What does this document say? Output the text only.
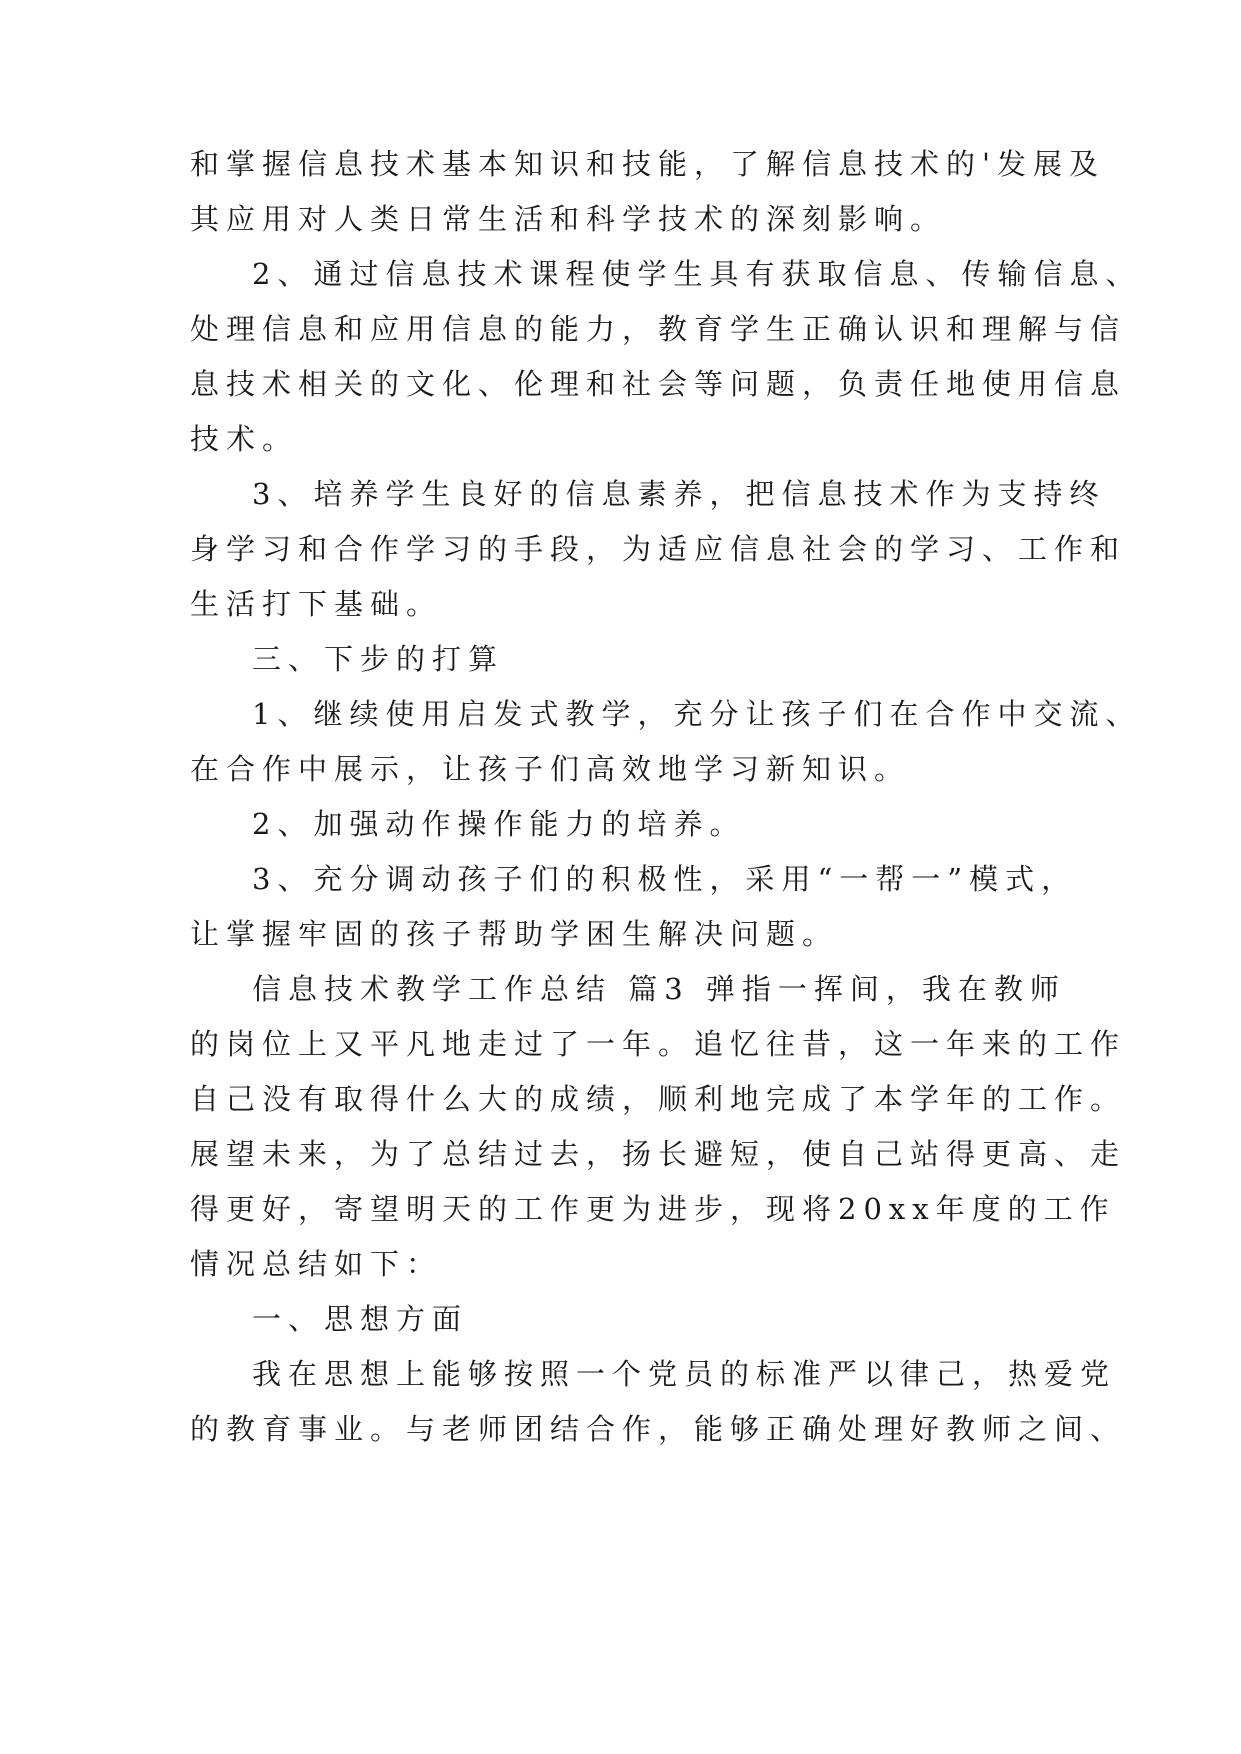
和掌握信息技术基本知识和技能，了解信息技术的'发展及

其应用对人类日常生活和科学技术的深刻影响。

2、通过信息技术课程使学生具有获取信息、传输信息、

处理信息和应用信息的能力，教育学生正确认识和理解与信

息技术相关的文化、伦理和社会等问题，负责任地使用信息

技术。

3、培养学生良好的信息素养，把信息技术作为支持终

身学习和合作学习的手段，为适应信息社会的学习、工作和

生活打下基础。

三、下步的打算

1、继续使用启发式教学，充分让孩子们在合作中交流、

在合作中展示，让孩子们高效地学习新知识。

2、加强动作操作能力的培养。

3、充分调动孩子们的积极性，采用“一帮一”模式，

让掌握牢固的孩子帮助学困生解决问题。

信息技术教学工作总结 篇3 弹指一挥间，我在教师

的岗位上又平凡地走过了一年。追忆往昔，这一年来的工作

自己没有取得什么大的成绩，顺利地完成了本学年的工作。

展望未来，为了总结过去，扬长避短，使自己站得更高、走

得更好，寄望明天的工作更为进步，现将20xx年度的工作

情况总结如下：

一、思想方面

我在思想上能够按照一个党员的标准严以律己，热爱党

的教育事业。与老师团结合作，能够正确处理好教师之间、
